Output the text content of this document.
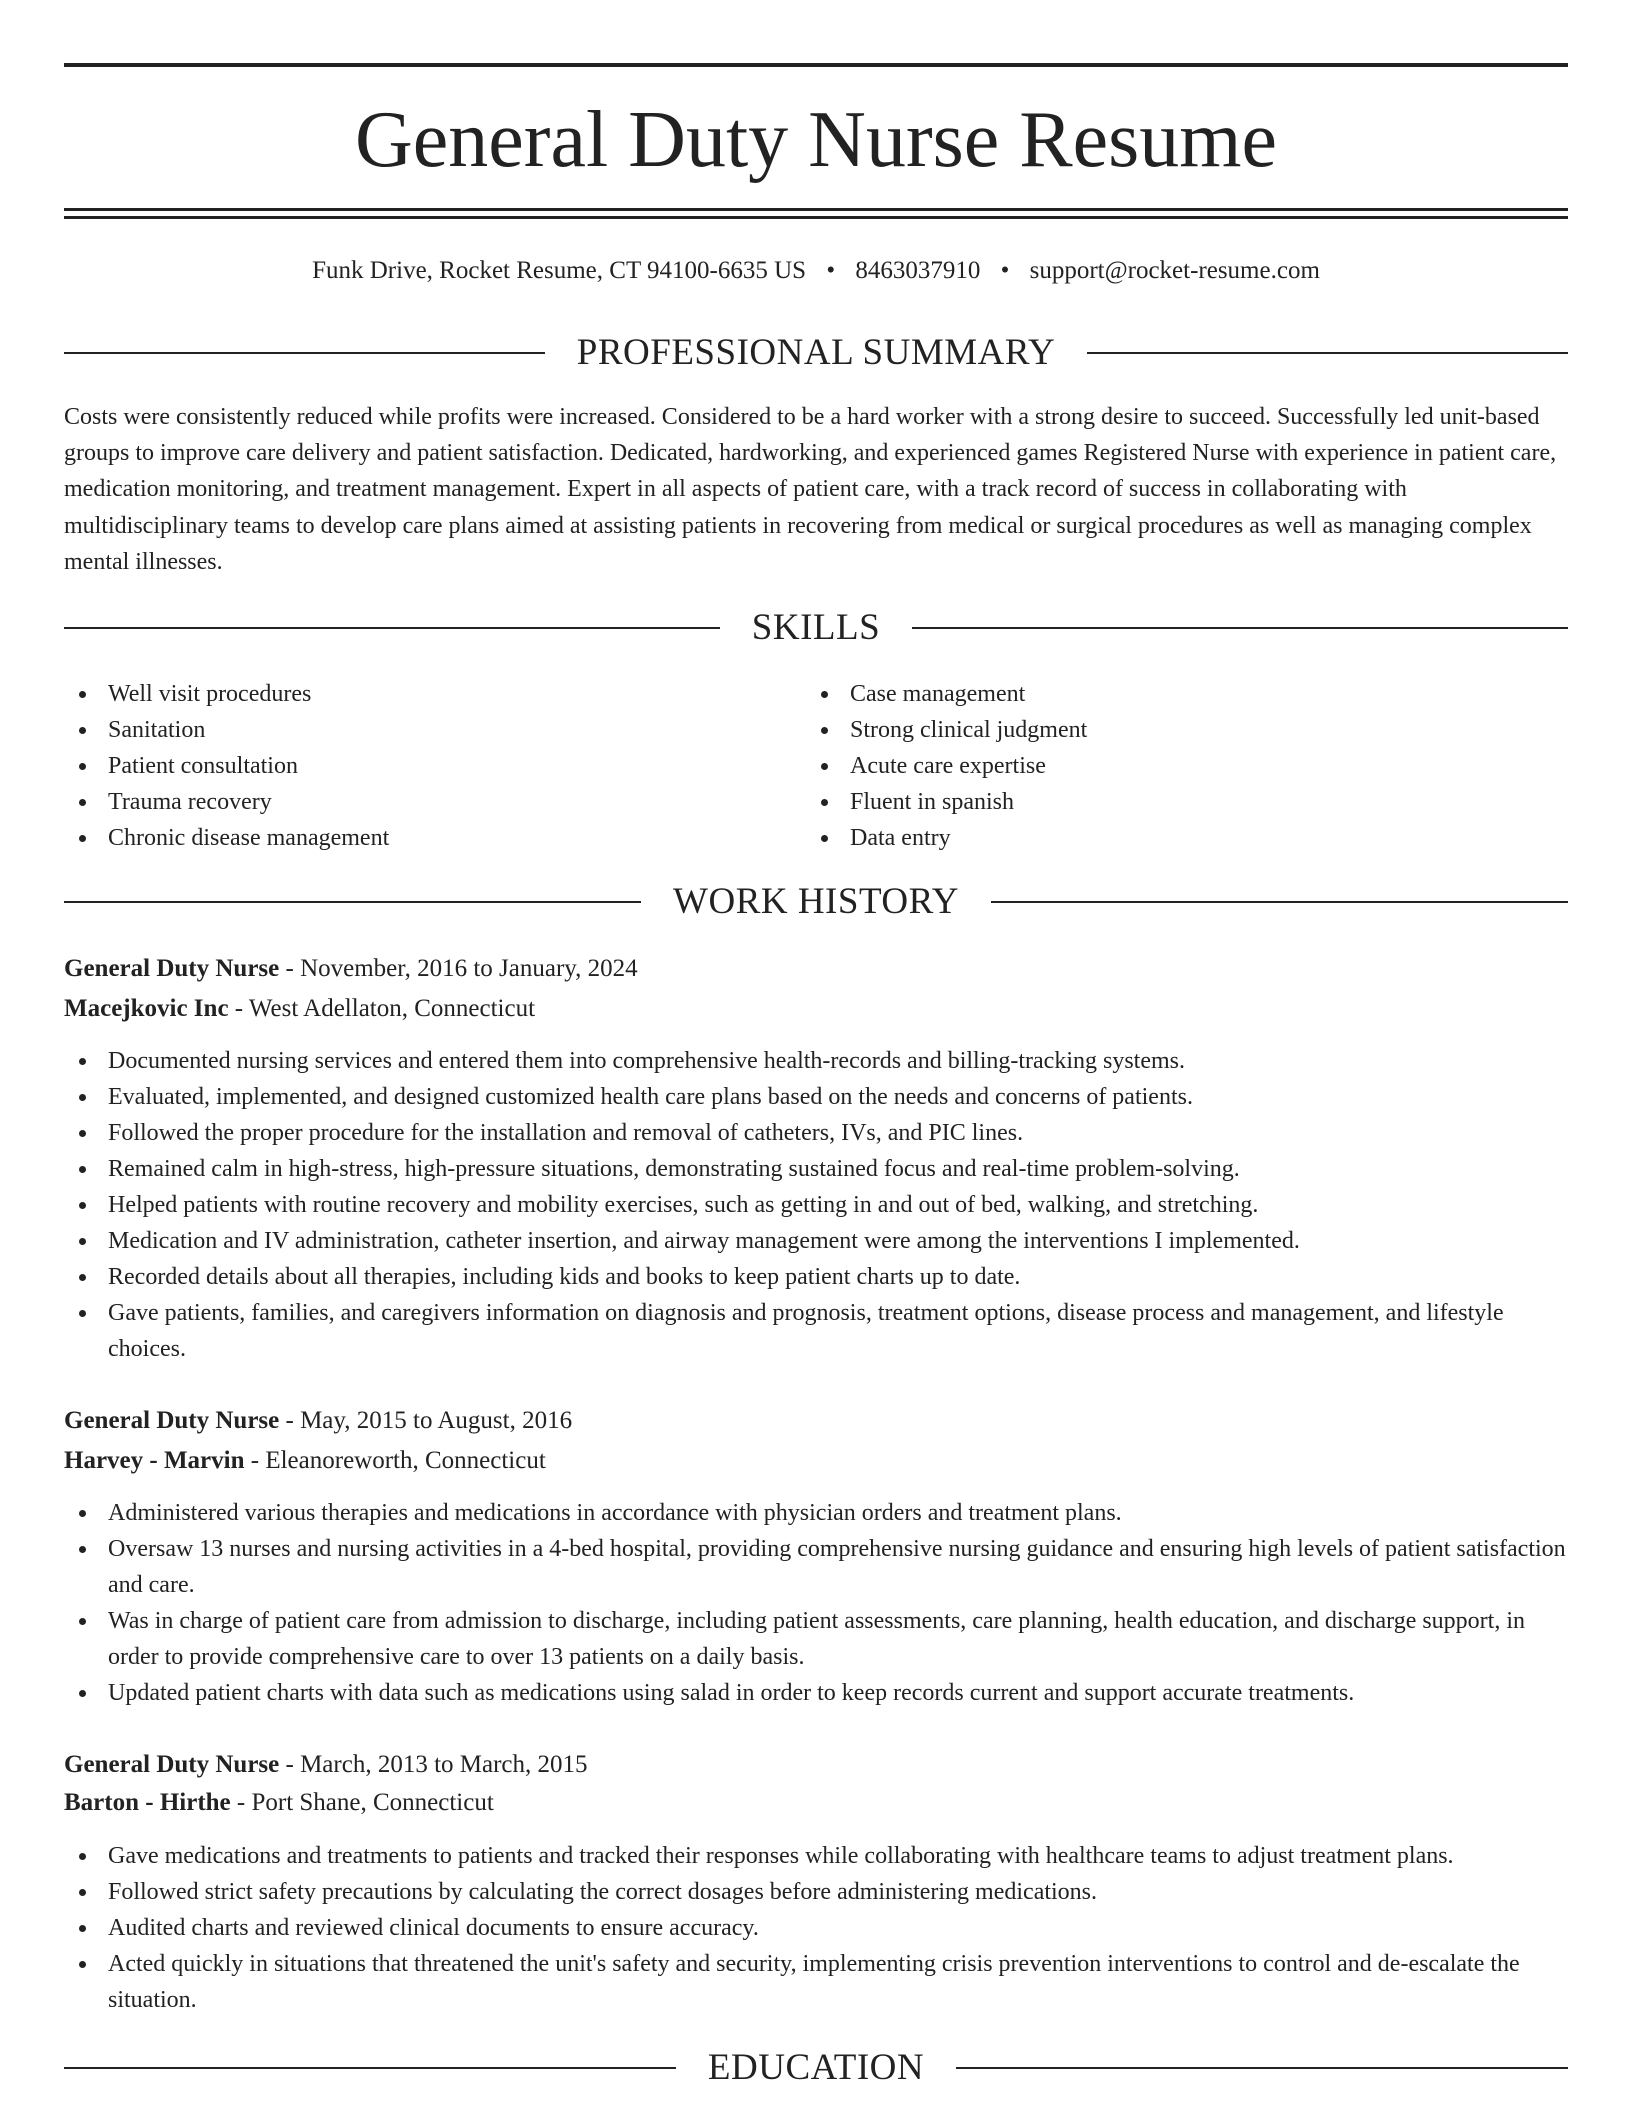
General Duty Nurse Resume
Funk Drive, Rocket Resume, CT 94100-6635 US • 8463037910 • support@rocket-resume.com
PROFESSIONAL SUMMARY

Costs were consistently reduced while profits were increased. Considered to be a hard worker with a strong desire to succeed. Successfully led unit-based groups to improve care delivery and patient satisfaction. Dedicated, hardworking, and experienced games Registered Nurse with experience in patient care, medication monitoring, and treatment management. Expert in all aspects of patient care, with a track record of success in collaborating with multidisciplinary teams to develop care plans aimed at assisting patients in recovering from medical or surgical procedures as well as managing complex mental illnesses.

SKILLS
Well visit procedures
Sanitation
Patient consultation
Trauma recovery
Chronic disease management
Case management
Strong clinical judgment
Acute care expertise
Fluent in spanish
Data entry
WORK HISTORY
General Duty Nurse - November, 2016 to January, 2024
Macejkovic Inc - West Adellaton, Connecticut
Documented nursing services and entered them into comprehensive health-records and billing-tracking systems.
Evaluated, implemented, and designed customized health care plans based on the needs and concerns of patients.
Followed the proper procedure for the installation and removal of catheters, IVs, and PIC lines.
Remained calm in high-stress, high-pressure situations, demonstrating sustained focus and real-time problem-solving.
Helped patients with routine recovery and mobility exercises, such as getting in and out of bed, walking, and stretching.
Medication and IV administration, catheter insertion, and airway management were among the interventions I implemented.
Recorded details about all therapies, including kids and books to keep patient charts up to date.
Gave patients, families, and caregivers information on diagnosis and prognosis, treatment options, disease process and management, and lifestyle choices.
General Duty Nurse - May, 2015 to August, 2016
Harvey - Marvin - Eleanoreworth, Connecticut
Administered various therapies and medications in accordance with physician orders and treatment plans.
Oversaw 13 nurses and nursing activities in a 4-bed hospital, providing comprehensive nursing guidance and ensuring high levels of patient satisfaction and care.
Was in charge of patient care from admission to discharge, including patient assessments, care planning, health education, and discharge support, in order to provide comprehensive care to over 13 patients on a daily basis.
Updated patient charts with data such as medications using salad in order to keep records current and support accurate treatments.
General Duty Nurse - March, 2013 to March, 2015
Barton - Hirthe - Port Shane, Connecticut
Gave medications and treatments to patients and tracked their responses while collaborating with healthcare teams to adjust treatment plans.
Followed strict safety precautions by calculating the correct dosages before administering medications.
Audited charts and reviewed clinical documents to ensure accuracy.
Acted quickly in situations that threatened the unit's safety and security, implementing crisis prevention interventions to control and de-escalate the situation.
EDUCATION
